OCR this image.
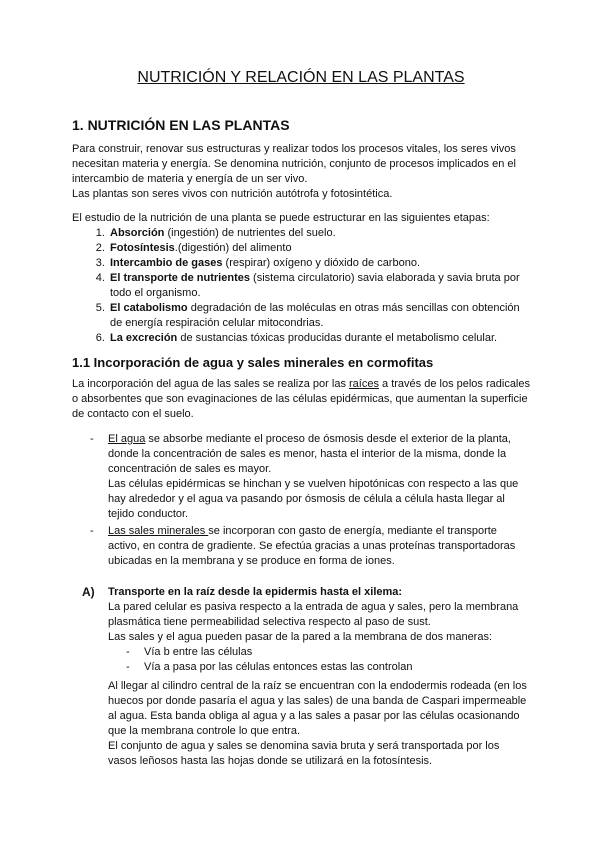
NUTRICIÓN Y RELACIÓN EN LAS PLANTAS
1. NUTRICIÓN EN LAS PLANTAS

Para construir, renovar sus estructuras y realizar todos los procesos vitales, los seres vivos necesitan materia y energía. Se denomina nutrición, conjunto de procesos implicados en el intercambio de materia y energía de un ser vivo.

Las plantas son seres vivos con nutrición autótrofa y fotosintética.

El estudio de la nutrición de una planta se puede estructurar en las siguientes etapas:

1. Absorción (ingestión) de nutrientes del suelo.
2. Fotosíntesis.(digestión) del alimento
3. Intercambio de gases (respirar) oxígeno y dióxido de carbono.
4. El transporte de nutrientes (sistema circulatorio) savia elaborada y savia bruta por todo el organismo.
5. El catabolismo degradación de las moléculas en otras más sencillas con obtención de energía respiración celular mitocondrias.
6. La excreción de sustancias tóxicas producidas durante el metabolismo celular.
1.1 Incorporación de agua y sales minerales en cormofitas

La incorporación del agua de las sales se realiza por las raíces a través de los pelos radicales o absorbentes que son evaginaciones de las células epidérmicas, que aumentan la superficie de contacto con el suelo.

- El agua se absorbe mediante el proceso de ósmosis desde el exterior de la planta, donde la concentración de sales es menor, hasta el interior de la misma, donde la concentración de sales es mayor.

Las células epidérmicas se hinchan y se vuelven hipotónicas con respecto a las que hay alrededor y el agua va pasando por ósmosis de célula a célula hasta llegar al tejido conductor.

- Las sales minerales se incorporan con gasto de energía, mediante el transporte activo, en contra de gradiente. Se efectúa gracias a unas proteínas transportadoras ubicadas en la membrana y se produce en forma de iones.

A) Transporte en la raíz desde la epidermis hasta el xilema:

La pared celular es pasiva respecto a la entrada de agua y sales, pero la membrana plasmática tiene permeabilidad selectiva respecto al paso de sust.

Las sales y el agua pueden pasar de la pared a la membrana de dos maneras:

- Vía b entre las células
- Vía a pasa por las células entonces estas las controlan

Al llegar al cilindro central de la raíz se encuentran con la endodermis rodeada (en los huecos por donde pasaría el agua y las sales) de una banda de Caspari impermeable al agua. Esta banda obliga al agua y a las sales a pasar por las células ocasionando que la membrana controle lo que entra.

El conjunto de agua y sales se denomina savia bruta y será transportada por los vasos leñosos hasta las hojas donde se utilizará en la fotosíntesis.
